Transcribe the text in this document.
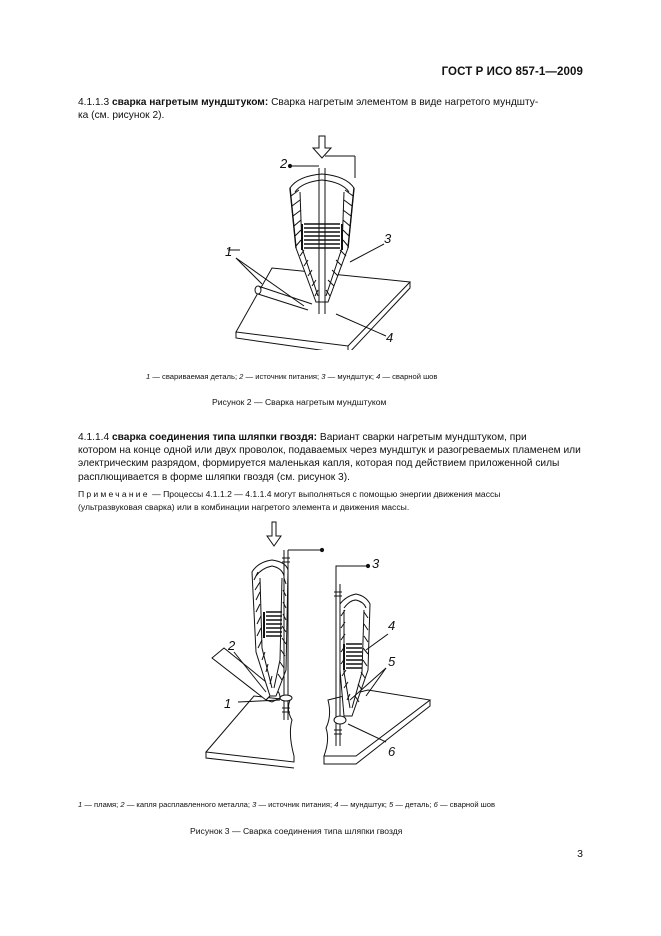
ГОСТ Р ИСО 857-1—2009
4.1.1.3 сварка нагретым мундштуком: Сварка нагретым элементом в виде нагретого мундшту-
ка (см. рисунок 2).
1
2
3
4
1 — свариваемая деталь; 2 — источник питания; 3 — мундштук; 4 — сварной шов
Рисунок 2 — Сварка нагретым мундштуком
4.1.1.4 сварка соединения типа шляпки гвоздя: Вариант сварки нагретым мундштуком, при
котором на конце одной или двух проволок, подаваемых через мундштук и разогреваемых пламенем или
электрическим разрядом, формируется маленькая капля, которая под действием приложенной силы
расплющивается в форме шляпки гвоздя (см. рисунок 3).
Примечание — Процессы 4.1.1.2 — 4.1.1.4 могут выполняться с помощью энергии движения массы
(ультразвуковая сварка) или в комбинации нагретого элемента и движения массы.
2
1
3
4
5
6
1 — пламя; 2 — капля расплавленного металла; 3 — источник питания; 4 — мундштук; 5 — деталь; 6 — сварной шов
Рисунок 3 — Сварка соединения типа шляпки гвоздя
3
